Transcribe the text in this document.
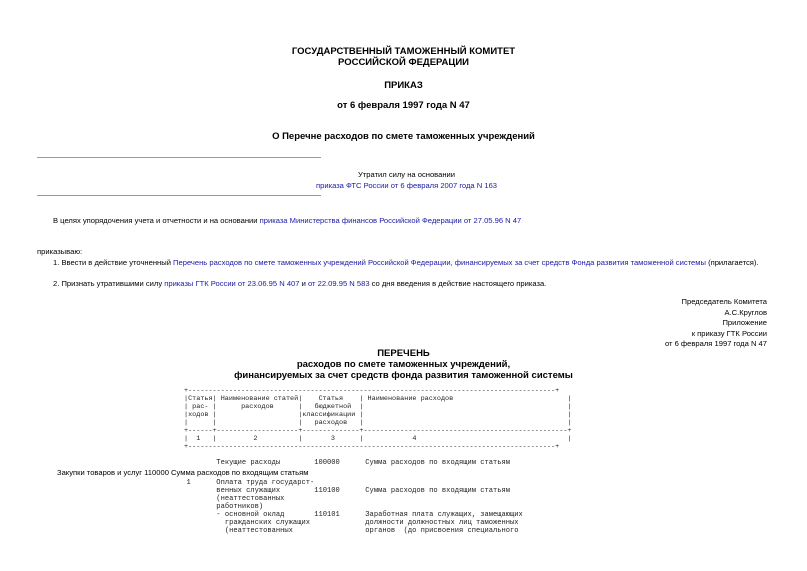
ГОСУДАРСТВЕННЫЙ ТАМОЖЕННЫЙ КОМИТЕТ
РОССИЙСКОЙ ФЕДЕРАЦИИ
ПРИКАЗ
от 6 февраля 1997 года N 47
О Перечне расходов по смете таможенных учреждений
Утратил силу на основании
приказа ФТС России от 6 февраля 2007 года N 163
В целях упорядочения учета и отчетности и на основании приказа Министерства финансов Российской Федерации от 27.05.96 N 47
приказываю:
1. Ввести в действие уточненный Перечень расходов по смете таможенных учреждений Российской Федерации, финансируемых за счет средств Фонда развития таможенной системы (прилагается).
2. Признать утратившими силу приказы ГТК России от 23.06.95 N 407 и от 22.09.95 N 583 со дня введения в действие настоящего приказа.
Председатель Комитета
А.С.Круглов
Приложение
к приказу ГТК России
от 6 февраля 1997 года N 47
ПЕРЕЧЕНЬ
расходов по смете таможенных учреждений,
финансируемых за счет средств фонда развития таможенной системы
+------------------------------------------------------------------------------------------+
|Статья| Наименование статей|    Статья    | Наименование расходов                            |
| рас- |      расходов      |   бюджетной  |                                                  |
|ходов |                    |классификации |                                                  |
|      |                    |   расходов   |                                                  |
+------+--------------------+--------------+--------------------------------------------------+
|  1   |         2          |       3      |            4                                     |
+------------------------------------------------------------------------------------------+
Текущие расходы        100000      Сумма расходов по входящим статьям
Закупки товаров и услуг 110000 Сумма расходов по входящим статьям
1      Оплата труда государст-
венных служащих        110100      Сумма расходов по входящим статьям
(неаттестованных
работников)
- основной оклад       110101      Заработная плата служащих, замещающих
гражданских служащих             должности должностных лиц таможенных
(неаттестованных                 органов  (до присвоения специального
